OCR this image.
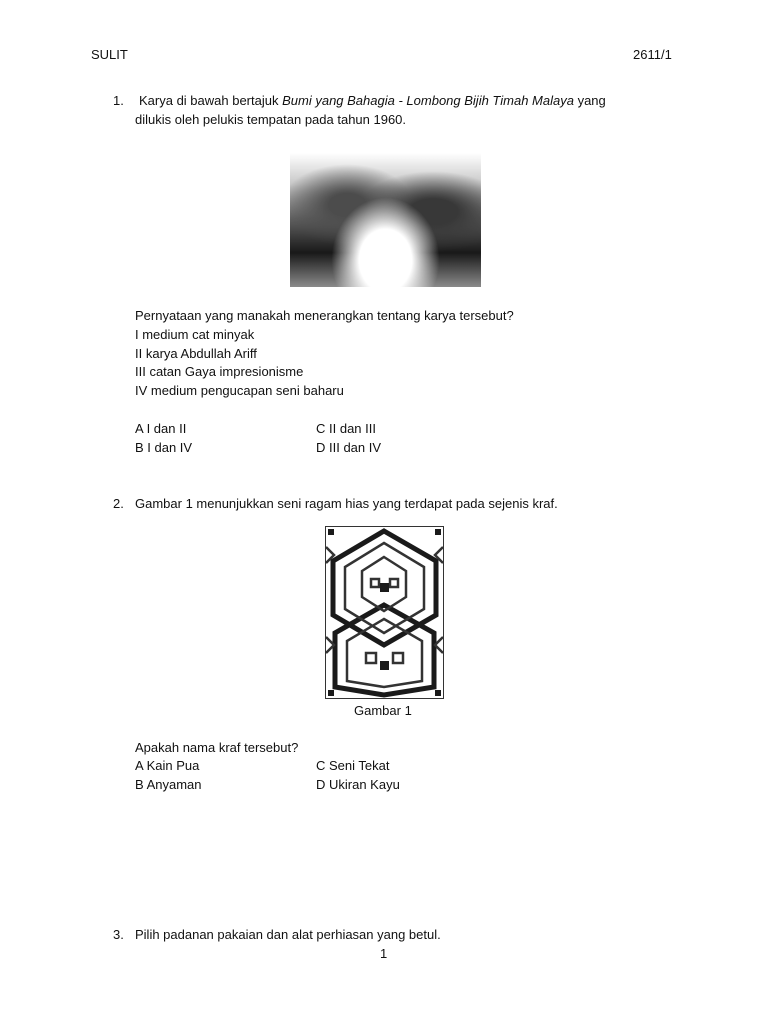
SULIT	2611/1
1. Karya di bawah bertajuk Bumi yang Bahagia - Lombong Bijih Timah Malaya yang
dilukis oleh pelukis tempatan pada tahun 1960.
Pernyataan yang manakah menerangkan tentang karya tersebut?
I medium cat minyak
II karya Abdullah Ariff
III catan Gaya impresionisme
IV medium pengucapan seni baharu
A I dan II	C II dan III
B I dan IV	D III dan IV
2. Gambar 1 menunjukkan seni ragam hias yang terdapat pada sejenis kraf.
Gambar 1
Apakah nama kraf tersebut?
A Kain Pua	C Seni Tekat
B Anyaman	D Ukiran Kayu
3. Pilih padanan pakaian dan alat perhiasan yang betul.
1
